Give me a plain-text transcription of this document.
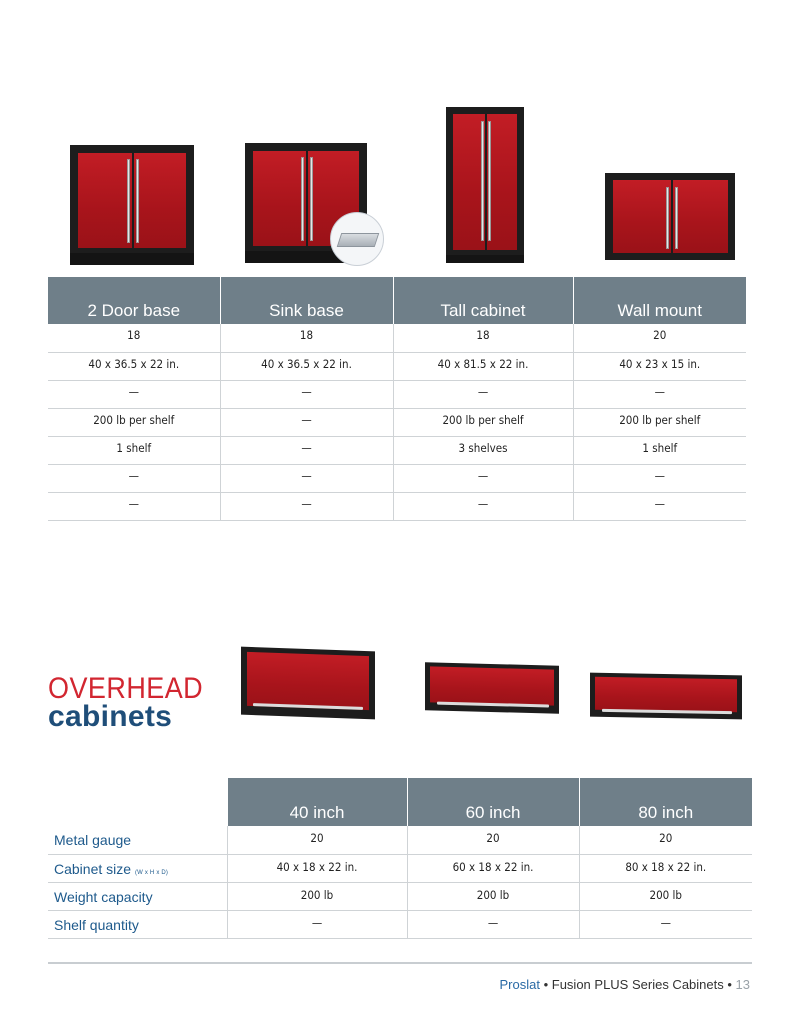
2 Door base	Sink base	Tall cabinet	Wall mount
18	18	18	20
40 x 36.5 x 22 in.	40 x 36.5 x 22 in.	40 x 81.5 x 22 in.	40 x 23 x 15 in.
—	—	—	—
200 lb per shelf	—	200 lb per shelf	200 lb per shelf
1 shelf	—	3 shelves	1 shelf
—	—	—	—
—	—	—	—
OVERHEAD
cabinets
	40 inch	60 inch	80 inch
Metal gauge	20	20	20
Cabinet size (W x H x D)	40 x 18 x 22 in.	60 x 18 x 22 in.	80 x 18 x 22 in.
Weight capacity	200 lb	200 lb	200 lb
Shelf quantity	—	—	—
Proslat • Fusion PLUS Series Cabinets • 13
